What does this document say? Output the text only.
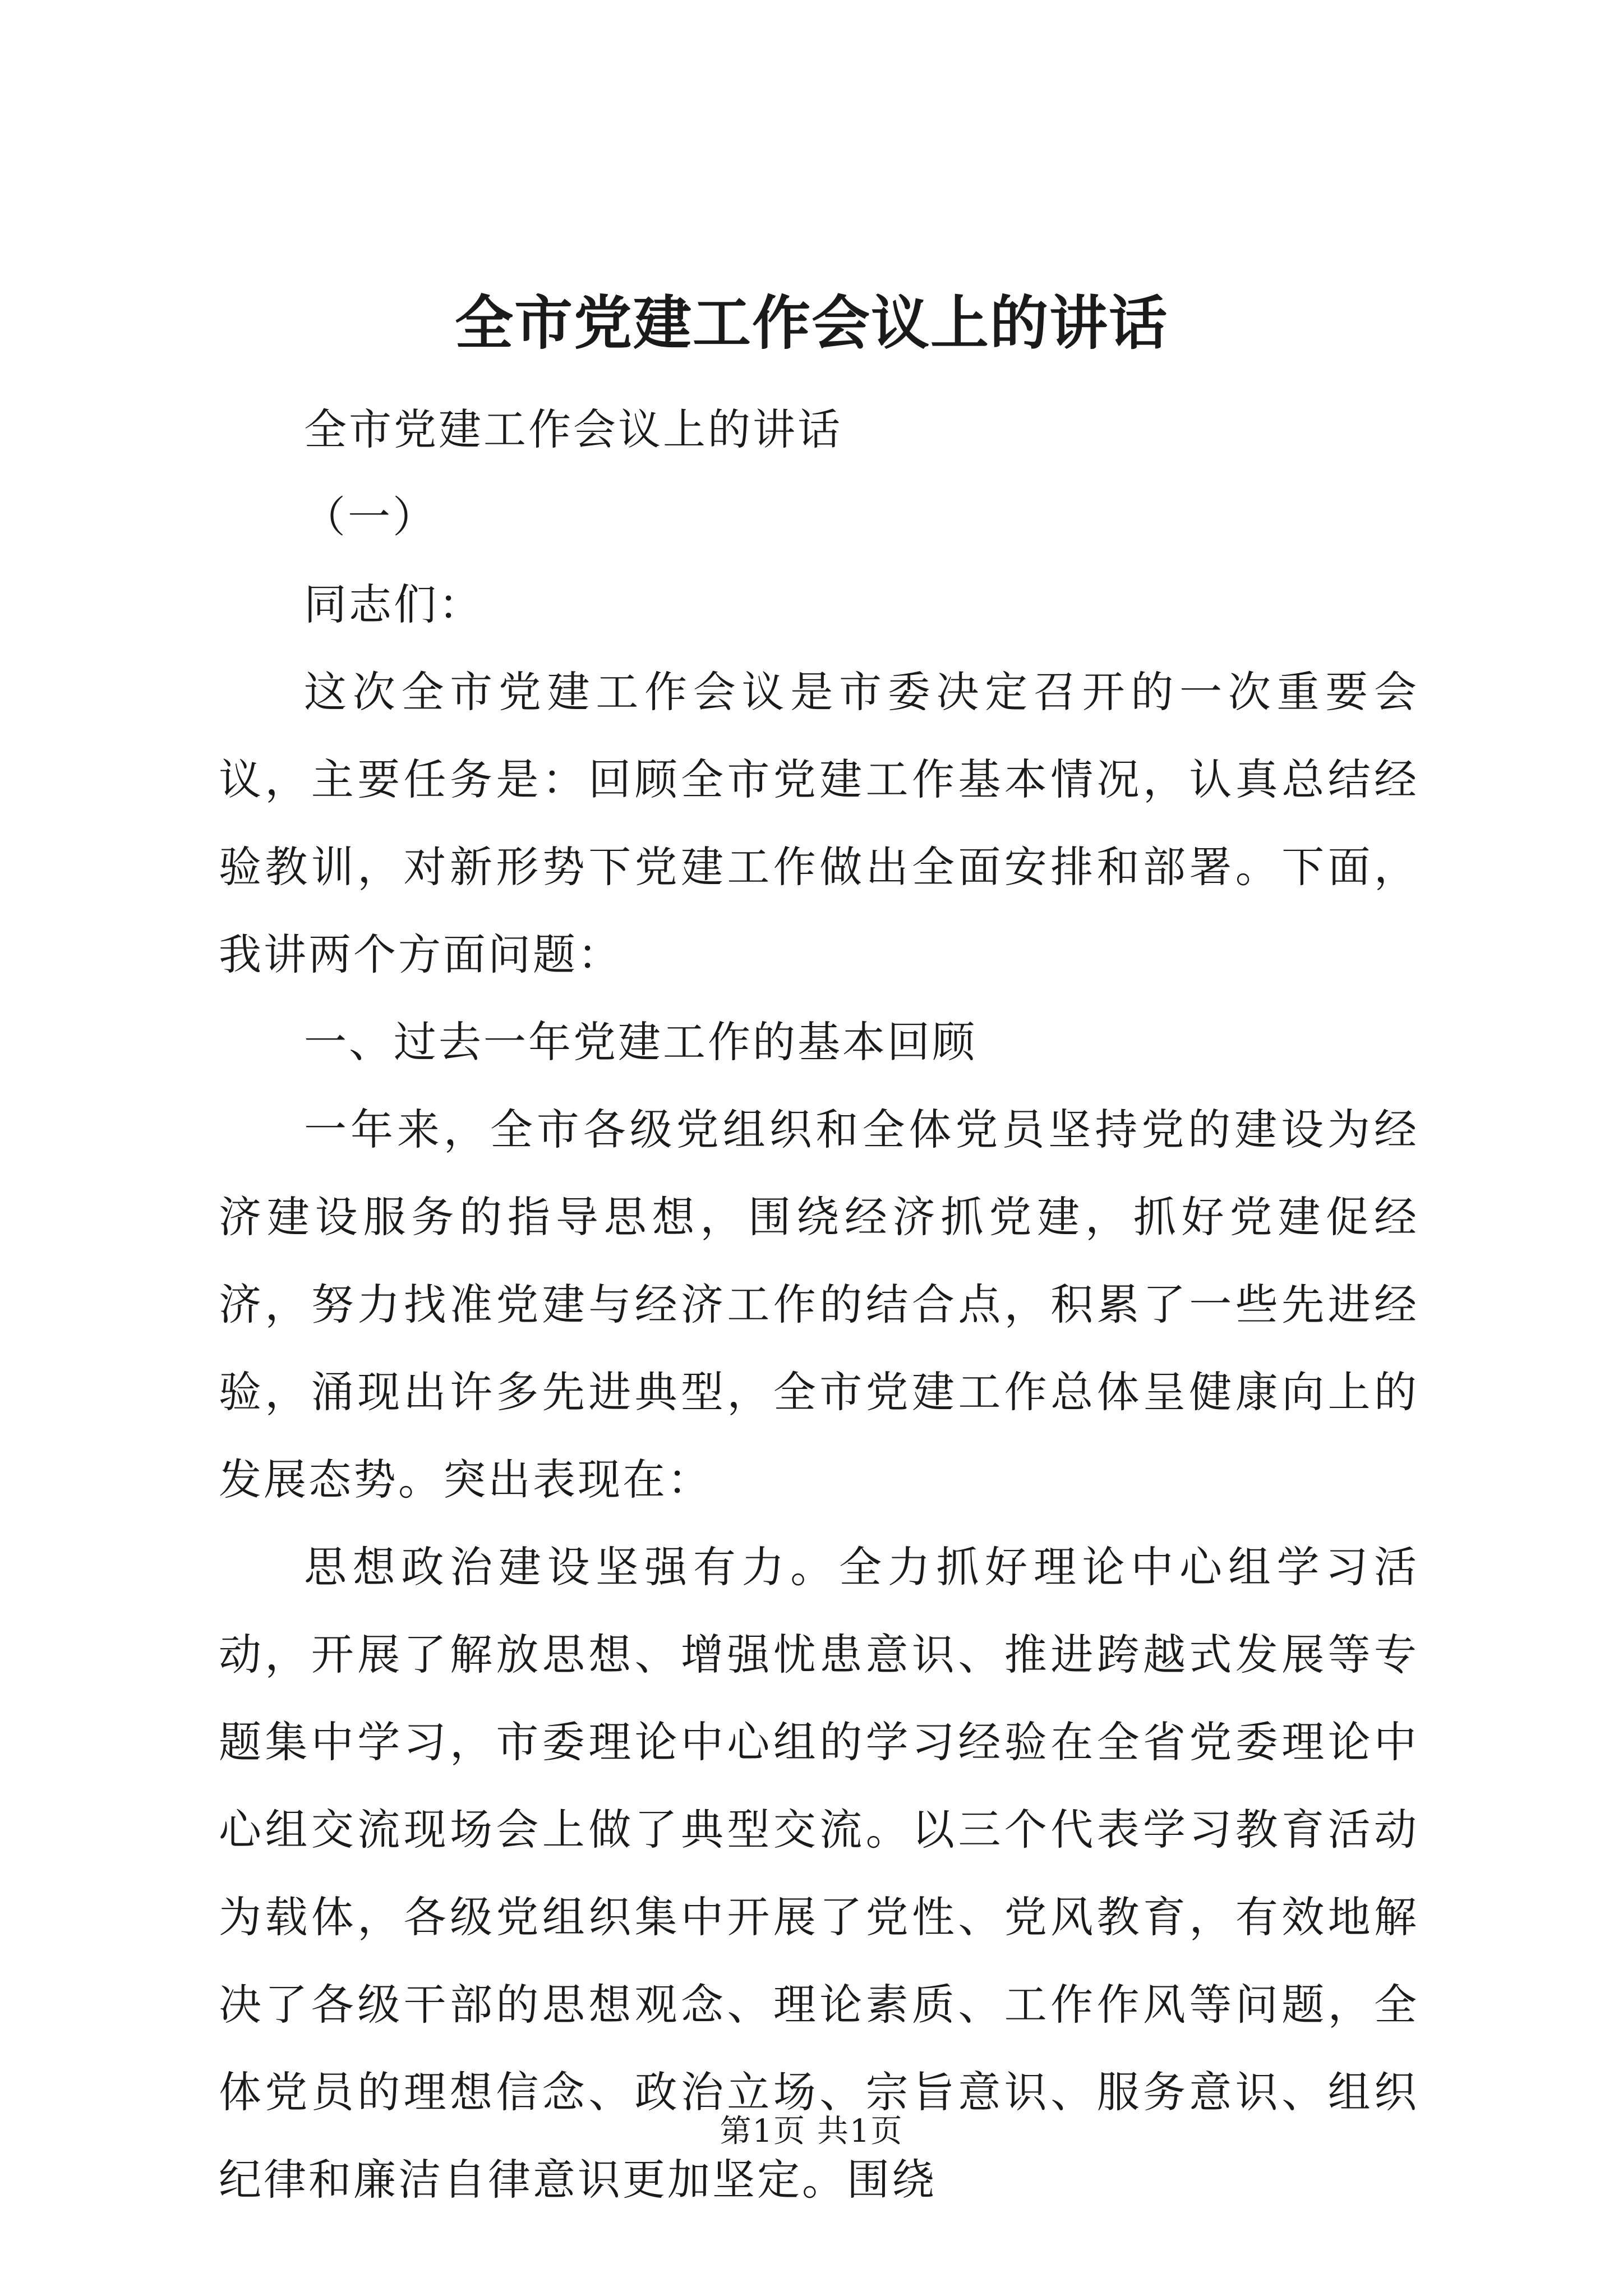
全市党建工作会议上的讲话
全市党建工作会议上的讲话
（一）
同志们：

这次全市党建工作会议是市委决定召开的一次重要会议，主要任务是：回顾全市党建工作基本情况，认真总结经验教训，对新形势下党建工作做出全面安排和部署。下面，我讲两个方面问题：

一、过去一年党建工作的基本回顾

一年来，全市各级党组织和全体党员坚持党的建设为经济建设服务的指导思想，围绕经济抓党建，抓好党建促经济，努力找准党建与经济工作的结合点，积累了一些先进经验，涌现出许多先进典型，全市党建工作总体呈健康向上的发展态势。突出表现在：

思想政治建设坚强有力。全力抓好理论中心组学习活动，开展了解放思想、增强忧患意识、推进跨越式发展等专题集中学习，市委理论中心组的学习经验在全省党委理论中心组交流现场会上做了典型交流。以三个代表学习教育活动为载体，各级党组织集中开展了党性、党风教育，有效地解决了各级干部的思想观念、理论素质、工作作风等问题，全体党员的理想信念、政治立场、宗旨意识、服务意识、组织纪律和廉洁自律意识更加坚定。围绕

第1页 共1页
